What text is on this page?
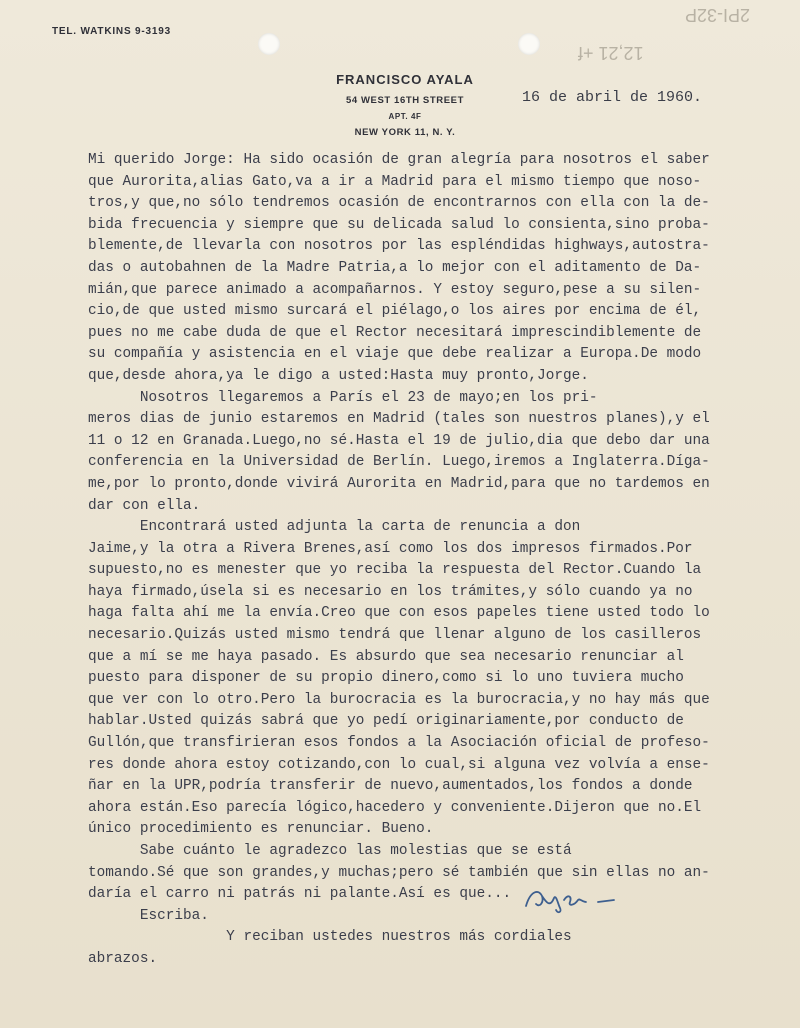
TEL. WATKINS 9-3193
2PI-32P
12,21 +f
FRANCISCO AYALA
54 WEST 16TH STREET
APT. 4F
NEW YORK 11, N. Y.
16 de abril de 1960.
Mi querido Jorge: Ha sido ocasión de gran alegría para nosotros el saber
que Aurorita,alias Gato,va a ir a Madrid para el mismo tiempo que noso-
tros,y que,no sólo tendremos ocasión de encontrarnos con ella con la de-
bida frecuencia y siempre que su delicada salud lo consienta,sino proba-
blemente,de llevarla con nosotros por las espléndidas highways,autostra-
das o autobahnen de la Madre Patria,a lo mejor con el aditamento de Da-
mián,que parece animado a acompañarnos. Y estoy seguro,pese a su silen-
cio,de que usted mismo surcará el piélago,o los aires por encima de él,
pues no me cabe duda de que el Rector necesitará imprescindiblemente de
su compañía y asistencia en el viaje que debe realizar a Europa.De modo
que,desde ahora,ya le digo a usted:Hasta muy pronto,Jorge.
Nosotros llegaremos a París el 23 de mayo;en los pri-
meros dias de junio estaremos en Madrid (tales son nuestros planes),y el
11 o 12 en Granada.Luego,no sé.Hasta el 19 de julio,dia que debo dar una
conferencia en la Universidad de Berlín. Luego,iremos a Inglaterra.Díga-
me,por lo pronto,donde vivirá Aurorita en Madrid,para que no tardemos en
dar con ella.
Encontrará usted adjunta la carta de renuncia a don
Jaime,y la otra a Rivera Brenes,así como los dos impresos firmados.Por
supuesto,no es menester que yo reciba la respuesta del Rector.Cuando la
haya firmado,úsela si es necesario en los trámites,y sólo cuando ya no
haga falta ahí me la envía.Creo que con esos papeles tiene usted todo lo
necesario.Quizás usted mismo tendrá que llenar alguno de los casilleros
que a mí se me haya pasado. Es absurdo que sea necesario renunciar al
puesto para disponer de su propio dinero,como si lo uno tuviera mucho
que ver con lo otro.Pero la burocracia es la burocracia,y no hay más que
hablar.Usted quizás sabrá que yo pedí originariamente,por conducto de
Gullón,que transfirieran esos fondos a la Asociación oficial de profeso-
res donde ahora estoy cotizando,con lo cual,si alguna vez volvía a ense-
ñar en la UPR,podría transferir de nuevo,aumentados,los fondos a donde
ahora están.Eso parecía lógico,hacedero y conveniente.Dijeron que no.El
único procedimiento es renunciar. Bueno.
Sabe cuánto le agradezco las molestias que se está
tomando.Sé que son grandes,y muchas;pero sé también que sin ellas no an-
daría el carro ni patrás ni palante.Así es que...
Escriba.
Y reciban ustedes nuestros más cordiales
abrazos.
